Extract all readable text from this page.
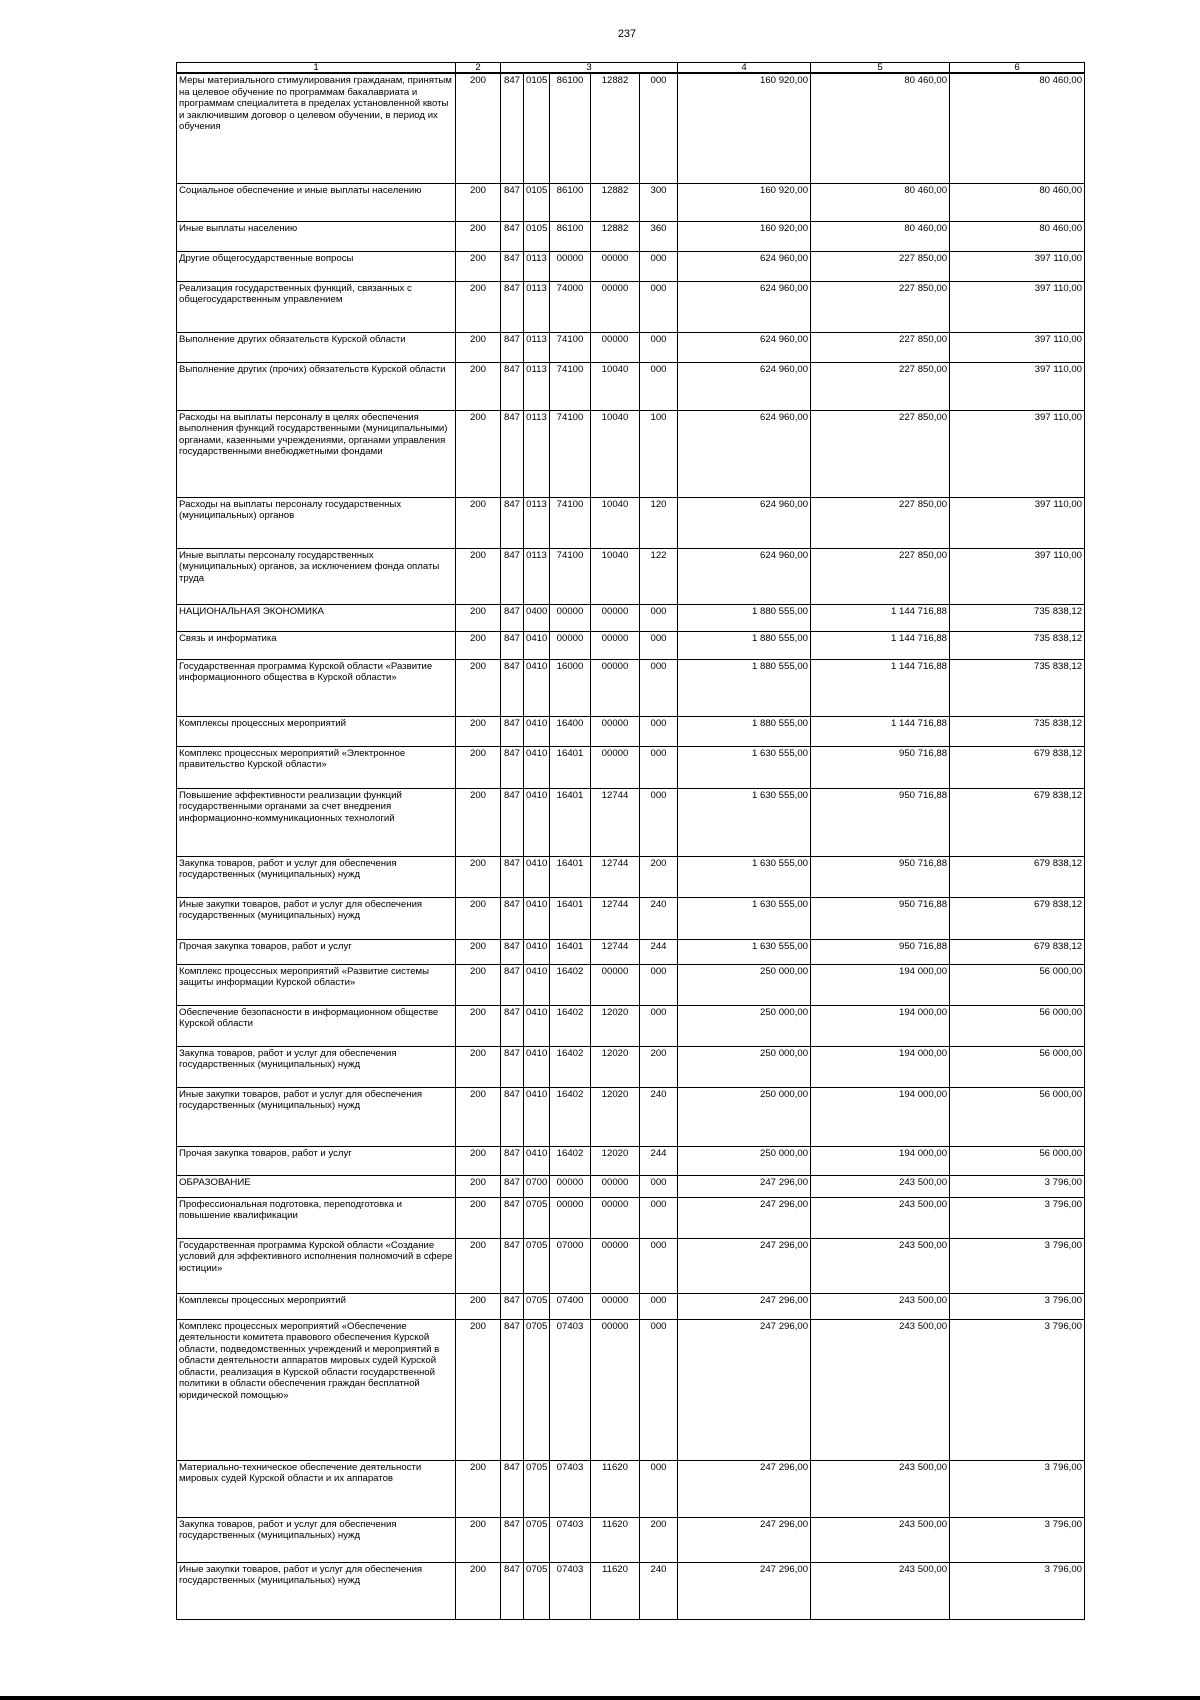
237
1	2	3					4	5	6
Меры материального стимулирования гражданам, принятым на целевое обучение по программам бакалавриата и программам специалитета в пределах установленной квоты и заключившим договор о целевом обучении, в период их обучения	200	847	0105	86100	12882	000	160 920,00	80 460,00	80 460,00
Социальное обеспечение и иные выплаты населению	200	847	0105	86100	12882	300	160 920,00	80 460,00	80 460,00
Иные выплаты населению	200	847	0105	86100	12882	360	160 920,00	80 460,00	80 460,00
Другие общегосударственные вопросы	200	847	0113	00000	00000	000	624 960,00	227 850,00	397 110,00
Реализация государственных функций, связанных с общегосударственным управлением	200	847	0113	74000	00000	000	624 960,00	227 850,00	397 110,00
Выполнение других обязательств Курской области	200	847	0113	74100	00000	000	624 960,00	227 850,00	397 110,00
Выполнение других (прочих) обязательств Курской области	200	847	0113	74100	10040	000	624 960,00	227 850,00	397 110,00
Расходы на выплаты персоналу в целях обеспечения выполнения функций государственными (муниципальными) органами, казенными учреждениями, органами управления государственными внебюджетными фондами	200	847	0113	74100	10040	100	624 960,00	227 850,00	397 110,00
Расходы на выплаты персоналу государственных (муниципальных) органов	200	847	0113	74100	10040	120	624 960,00	227 850,00	397 110,00
Иные выплаты персоналу государственных (муниципальных) органов, за исключением фонда оплаты труда	200	847	0113	74100	10040	122	624 960,00	227 850,00	397 110,00
НАЦИОНАЛЬНАЯ ЭКОНОМИКА	200	847	0400	00000	00000	000	1 880 555,00	1 144 716,88	735 838,12
Связь и информатика	200	847	0410	00000	00000	000	1 880 555,00	1 144 716,88	735 838,12
Государственная программа Курской области «Развитие информационного общества в Курской области»	200	847	0410	16000	00000	000	1 880 555,00	1 144 716,88	735 838,12
Комплексы процессных мероприятий	200	847	0410	16400	00000	000	1 880 555,00	1 144 716,88	735 838,12
Комплекс процессных мероприятий «Электронное правительство Курской области»	200	847	0410	16401	00000	000	1 630 555,00	950 716,88	679 838,12
Повышение эффективности реализации функций государственными органами за счет внедрения информационно-коммуникационных технологий	200	847	0410	16401	12744	000	1 630 555,00	950 716,88	679 838,12
Закупка товаров, работ и услуг для обеспечения государственных (муниципальных) нужд	200	847	0410	16401	12744	200	1 630 555,00	950 716,88	679 838,12
Иные закупки товаров, работ и услуг для обеспечения государственных (муниципальных) нужд	200	847	0410	16401	12744	240	1 630 555,00	950 716,88	679 838,12
Прочая закупка товаров, работ и услуг	200	847	0410	16401	12744	244	1 630 555,00	950 716,88	679 838,12
Комплекс процессных мероприятий «Развитие системы защиты информации Курской области»	200	847	0410	16402	00000	000	250 000,00	194 000,00	56 000,00
Обеспечение безопасности в информационном обществе Курской области	200	847	0410	16402	12020	000	250 000,00	194 000,00	56 000,00
Закупка товаров, работ и услуг для обеспечения государственных (муниципальных) нужд	200	847	0410	16402	12020	200	250 000,00	194 000,00	56 000,00
Иные закупки товаров, работ и услуг для обеспечения государственных (муниципальных) нужд	200	847	0410	16402	12020	240	250 000,00	194 000,00	56 000,00
Прочая закупка товаров, работ и услуг	200	847	0410	16402	12020	244	250 000,00	194 000,00	56 000,00
ОБРАЗОВАНИЕ	200	847	0700	00000	00000	000	247 296,00	243 500,00	3 796,00
Профессиональная подготовка, переподготовка и повышение квалификации	200	847	0705	00000	00000	000	247 296,00	243 500,00	3 796,00
Государственная программа Курской области «Создание условий для эффективного исполнения полномочий в сфере юстиции»	200	847	0705	07000	00000	000	247 296,00	243 500,00	3 796,00
Комплексы процессных мероприятий	200	847	0705	07400	00000	000	247 296,00	243 500,00	3 796,00
Комплекс процессных мероприятий «Обеспечение деятельности комитета правового обеспечения Курской области, подведомственных учреждений и мероприятий в области деятельности аппаратов мировых судей Курской области, реализация в Курской области государственной политики в области обеспечения граждан бесплатной юридической помощью»	200	847	0705	07403	00000	000	247 296,00	243 500,00	3 796,00
Материально-техническое обеспечение деятельности мировых судей Курской области и их аппаратов	200	847	0705	07403	11620	000	247 296,00	243 500,00	3 796,00
Закупка товаров, работ и услуг для обеспечения государственных (муниципальных) нужд	200	847	0705	07403	11620	200	247 296,00	243 500,00	3 796,00
Иные закупки товаров, работ и услуг для обеспечения государственных (муниципальных) нужд	200	847	0705	07403	11620	240	247 296,00	243 500,00	3 796,00
